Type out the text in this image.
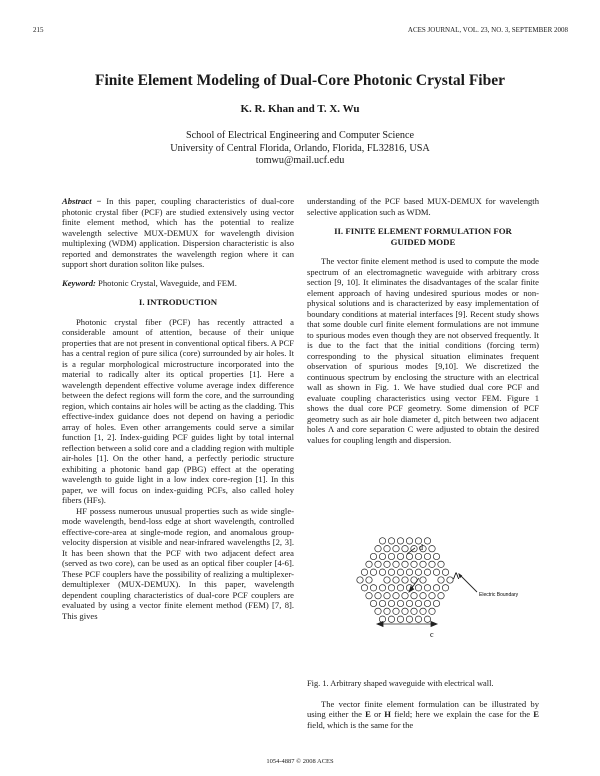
215	ACES JOURNAL, VOL. 23, NO. 3, SEPTEMBER 2008
Finite Element Modeling of Dual-Core Photonic Crystal Fiber
K. R. Khan and T. X. Wu
School of Electrical Engineering and Computer Science
University of Central Florida, Orlando, Florida, FL32816, USA
tomwu@mail.ucf.edu

Abstract − In this paper, coupling characteristics of dual-core photonic crystal fiber (PCF) are studied extensively using vector finite element method, which has the potential to realize wavelength selective MUX-DEMUX for wavelength division multiplexing (WDM) application. Dispersion characteristic is also reported and demonstrates the wavelength region where it can support short duration soliton like pulses.

Keyword: Photonic Crystal, Waveguide, and FEM.

I. INTRODUCTION

Photonic crystal fiber (PCF) has recently attracted a considerable amount of attention, because of their unique properties that are not present in conventional optical fibers. A PCF has a central region of pure silica (core) surrounded by air holes. It is a regular morphological microstructure incorporated into the material to radically alter its optical properties [1]. Here a wavelength dependent effective volume average index difference between the defect regions will form the core, and the surrounding region, which contains air holes will be acting as the cladding. This effective-index guidance does not depend on having a periodic array of holes. Even other arrangements could serve a similar function [1, 2]. Index-guiding PCF guides light by total internal reflection between a solid core and a cladding region with multiple air-holes [1]. On the other hand, a perfectly periodic structure exhibiting a photonic band gap (PBG) effect at the operating wavelength to guide light in a low index core-region [1]. In this paper, we will focus on index-guiding PCFs, also called holey fibers (HFs).

HF possess numerous unusual properties such as wide single-mode wavelength, bend-loss edge at short wavelength, controlled effective-core-area at single-mode region, and anomalous group-velocity dispersion at visible and near-infrared wavelengths [2, 3]. It has been shown that the PCF with two adjacent defect area (served as two core), can be used as an optical fiber coupler [4-6]. These PCF couplers have the possibility of realizing a multiplexer-demultiplexer (MUX-DEMUX). In this paper, wavelength dependent coupling characteristics of dual-core PCF couplers are evaluated by using a vector finite element method (FEM) [7, 8]. This gives

understanding of the PCF based MUX-DEMUX for wavelength selective application such as WDM.

II. FINITE ELEMENT FORMULATION FOR
GUIDED MODE

The vector finite element method is used to compute the mode spectrum of an electromagnetic waveguide with arbitrary cross section [9, 10]. It eliminates the disadvantages of the scalar finite element approach of having undesired spurious modes or non-physical solutions and is characterized by easy implementation of boundary conditions at material interfaces [9]. Recent study shows that some double curl finite element formulations are not immune to spurious modes even though they are not observed frequently. It is due to the fact that the initial conditions (forcing term) corresponding to the physical situation eliminates frequent observation of spurious modes [9,10]. We discretized the continuous spectrum by enclosing the structure with an electrical wall as shown in Fig. 1. We have studied dual core PCF and evaluate coupling characteristics using vector FEM. Figure 1 shows the dual core PCF geometry. Some dimension of PCF geometry such as air hole diameter d, pitch between two adjacent holes Λ and core separation C were adjusted to obtain the desired values for coupling length and dispersion.

d
Λ
c
Electric Boundary

Fig. 1. Arbitrary shaped waveguide with electrical wall.

The vector finite element formulation can be illustrated by using either the E or H field; here we explain the case for the E field, which is the same for the

1054-4887 © 2008 ACES
